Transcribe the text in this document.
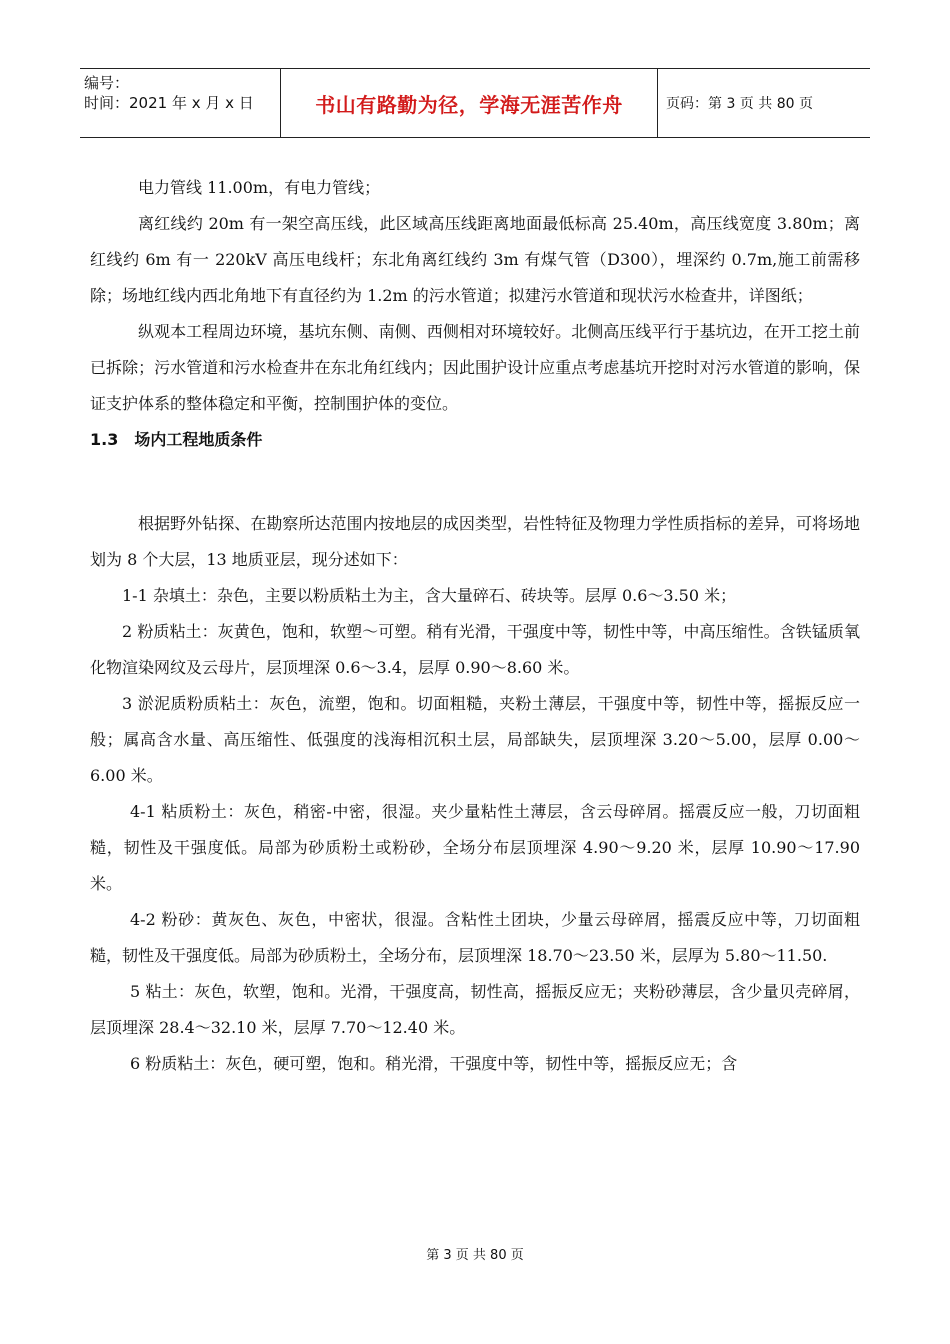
编号：
时间：2021 年 x 月 x 日	书山有路勤为径，学海无涯苦作舟	页码：第 3 页 共 80 页

电力管线 11.00m，有电力管线；

离红线约 20m 有一架空高压线，此区域高压线距离地面最低标高 25.40m，高压线宽度 3.80m；离红线约 6m 有一 220kV 高压电线杆；东北角离红线约 3m 有煤气管（D300），埋深约 0.7m,施工前需移除；场地红线内西北角地下有直径约为 1.2m 的污水管道；拟建污水管道和现状污水检查井，详图纸；

纵观本工程周边环境，基坑东侧、南侧、西侧相对环境较好。北侧高压线平行于基坑边，在开工挖土前已拆除；污水管道和污水检查井在东北角红线内；因此围护设计应重点考虑基坑开挖时对污水管道的影响，保证支护体系的整体稳定和平衡，控制围护体的变位。

1.3　场内工程地质条件

根据野外钻探、在勘察所达范围内按地层的成因类型，岩性特征及物理力学性质指标的差异，可将场地划为 8 个大层，13 地质亚层，现分述如下：

1-1 杂填土：杂色，主要以粉质粘土为主，含大量碎石、砖块等。层厚 0.6～3.50 米；

2 粉质粘土：灰黄色，饱和，软塑～可塑。稍有光滑，干强度中等，韧性中等，中高压缩性。含铁锰质氧化物渲染网纹及云母片，层顶埋深 0.6～3.4，层厚 0.90～8.60 米。

3 淤泥质粉质粘土：灰色，流塑，饱和。切面粗糙，夹粉土薄层，干强度中等，韧性中等，摇振反应一般；属高含水量、高压缩性、低强度的浅海相沉积土层，局部缺失，层顶埋深 3.20～5.00，层厚 0.00～6.00 米。

4-1 粘质粉土：灰色，稍密-中密，很湿。夹少量粘性土薄层，含云母碎屑。摇震反应一般，刀切面粗糙，韧性及干强度低。局部为砂质粉土或粉砂，全场分布层顶埋深 4.90～9.20 米，层厚 10.90～17.90 米。

4-2 粉砂：黄灰色、灰色，中密状，很湿。含粘性土团块，少量云母碎屑，摇震反应中等，刀切面粗糙，韧性及干强度低。局部为砂质粉土，全场分布，层顶埋深 18.70～23.50 米，层厚为 5.80～11.50.

5 粘土：灰色，软塑，饱和。光滑，干强度高，韧性高，摇振反应无；夹粉砂薄层，含少量贝壳碎屑，层顶埋深 28.4～32.10 米，层厚 7.70～12.40 米。

6 粉质粘土：灰色，硬可塑，饱和。稍光滑，干强度中等，韧性中等，摇振反应无；含

第 3 页 共 80 页
